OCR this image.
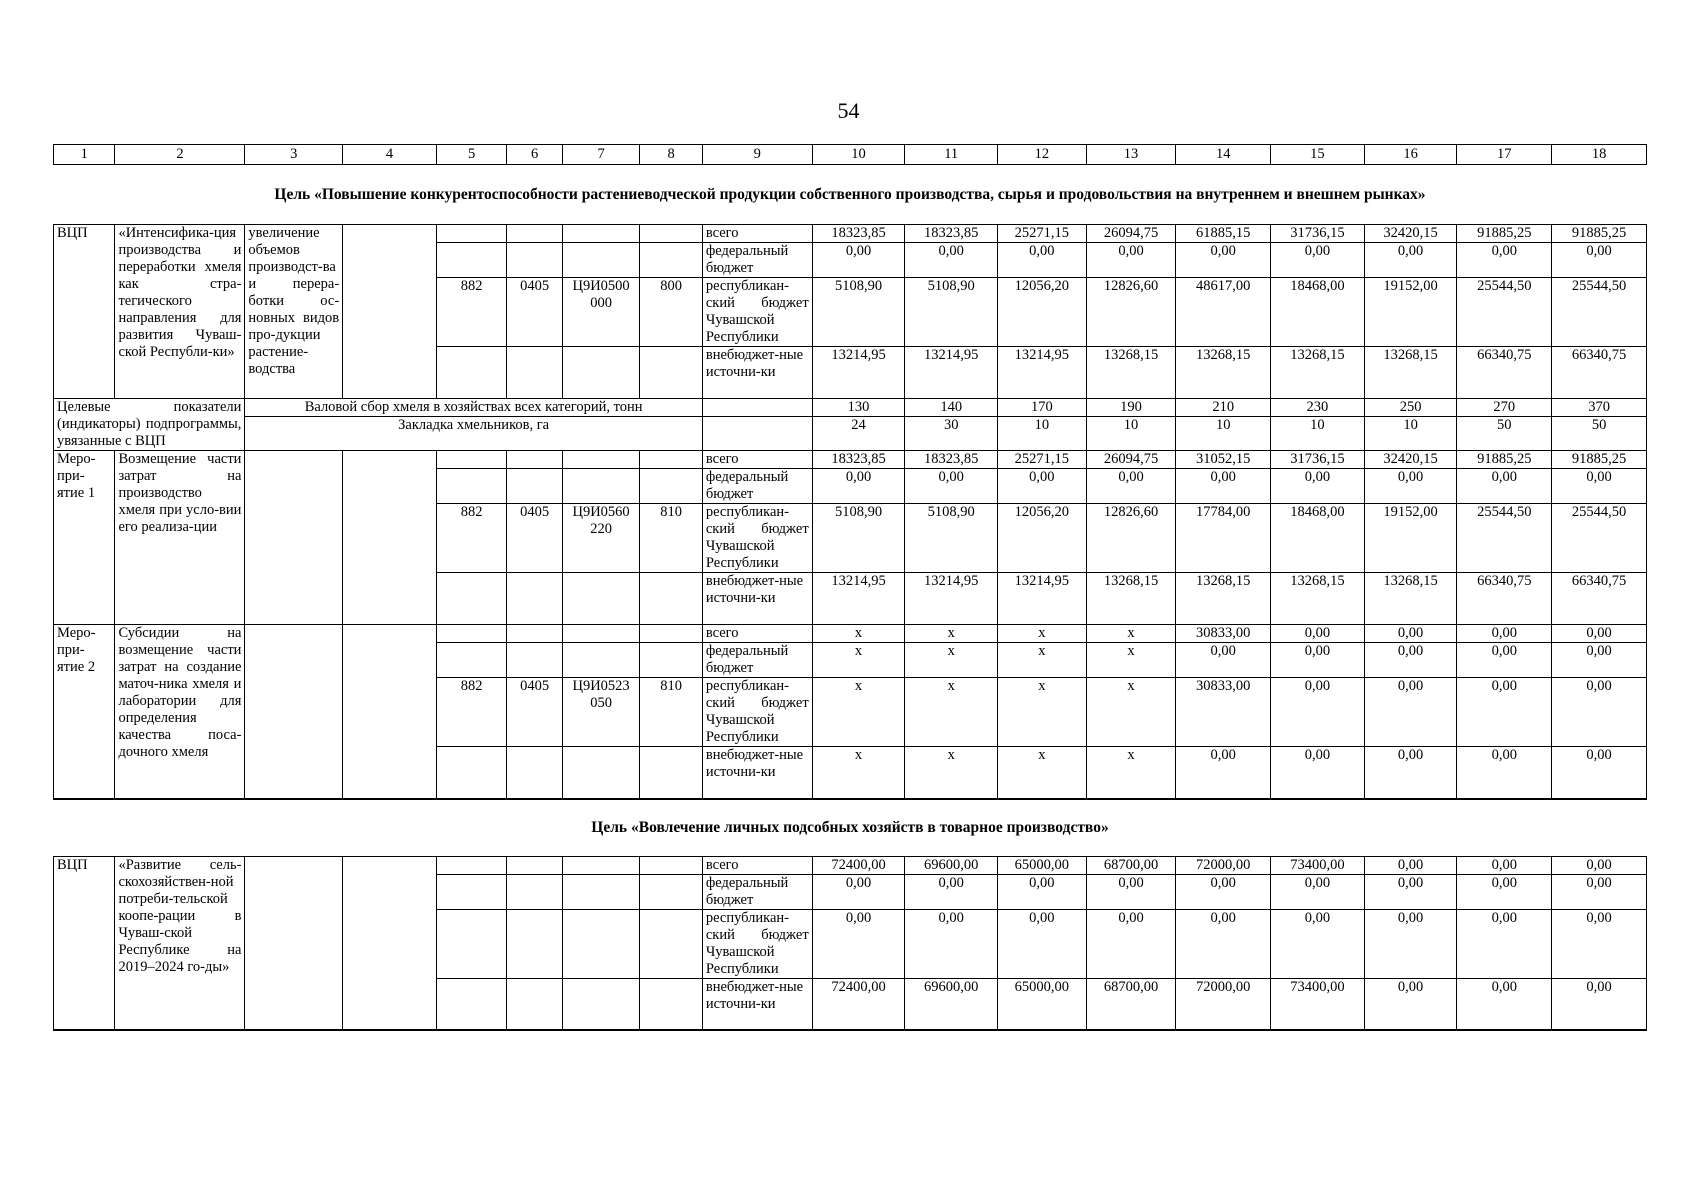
54
1	2	3	4	5	6	7	8	9	10	11	12	13	14	15	16	17	18
Цель «Повышение конкурентоспособности растениеводческой продукции собственного производства, сырья и продовольствия на внутреннем и внешнем рынках»																	
ВЦП	«Интенсифика-ция производства и переработки хмеля как стра-тегического направления для развития Чуваш-ской Республи-ки»	увеличение объемов производст-ва и перера-ботки ос-новных видов про-дукции растение-водства						всего	18323,85	18323,85	25271,15	26094,75	61885,15	31736,15	32420,15	91885,25	91885,25
								федеральный бюджет	0,00	0,00	0,00	0,00	0,00	0,00	0,00	0,00	0,00
				882	0405	Ц9И0500 000	800	республикан-ский бюджет Чувашской Республики	5108,90	5108,90	12056,20	12826,60	48617,00	18468,00	19152,00	25544,50	25544,50
								внебюджет-ные источни-ки	13214,95	13214,95	13214,95	13268,15	13268,15	13268,15	13268,15	66340,75	66340,75
Целевые показатели (индикаторы) подпрограммы, увязанные с ВЦП		Валовой сбор хмеля в хозяйствах всех категорий, тонн							130	140	170	190	210	230	250	270	370
		Закладка хмельников, га							24	30	10	10	10	10	10	50	50
Меро-при-ятие 1	Возмещение части затрат на производство хмеля при усло-вии его реализа-ции							всего	18323,85	18323,85	25271,15	26094,75	31052,15	31736,15	32420,15	91885,25	91885,25
								федеральный бюджет	0,00	0,00	0,00	0,00	0,00	0,00	0,00	0,00	0,00
				882	0405	Ц9И0560 220	810	республикан-ский бюджет Чувашской Республики	5108,90	5108,90	12056,20	12826,60	17784,00	18468,00	19152,00	25544,50	25544,50
								внебюджет-ные источни-ки	13214,95	13214,95	13214,95	13268,15	13268,15	13268,15	13268,15	66340,75	66340,75
Меро-при-ятие 2	Субсидии на возмещение части затрат на создание маточ-ника хмеля и лаборатории для определения качества поса-дочного хмеля							всего	x	x	x	x	30833,00	0,00	0,00	0,00	0,00
								федеральный бюджет	x	x	x	x	0,00	0,00	0,00	0,00	0,00
				882	0405	Ц9И0523 050	810	республикан-ский бюджет Чувашской Республики	x	x	x	x	30833,00	0,00	0,00	0,00	0,00
								внебюджет-ные источни-ки	x	x	x	x	0,00	0,00	0,00	0,00	0,00
Цель «Вовлечение личных подсобных хозяйств в товарное производство»																	
ВЦП	«Развитие сель-скохозяйствен-ной потреби-тельской коопе-рации в Чуваш-ской Республике на 2019–2024 го-ды»							всего	72400,00	69600,00	65000,00	68700,00	72000,00	73400,00	0,00	0,00	0,00
								федеральный бюджет	0,00	0,00	0,00	0,00	0,00	0,00	0,00	0,00	0,00
								республикан-ский бюджет Чувашской Республики	0,00	0,00	0,00	0,00	0,00	0,00	0,00	0,00	0,00
								внебюджет-ные источни-ки	72400,00	69600,00	65000,00	68700,00	72000,00	73400,00	0,00	0,00	0,00
